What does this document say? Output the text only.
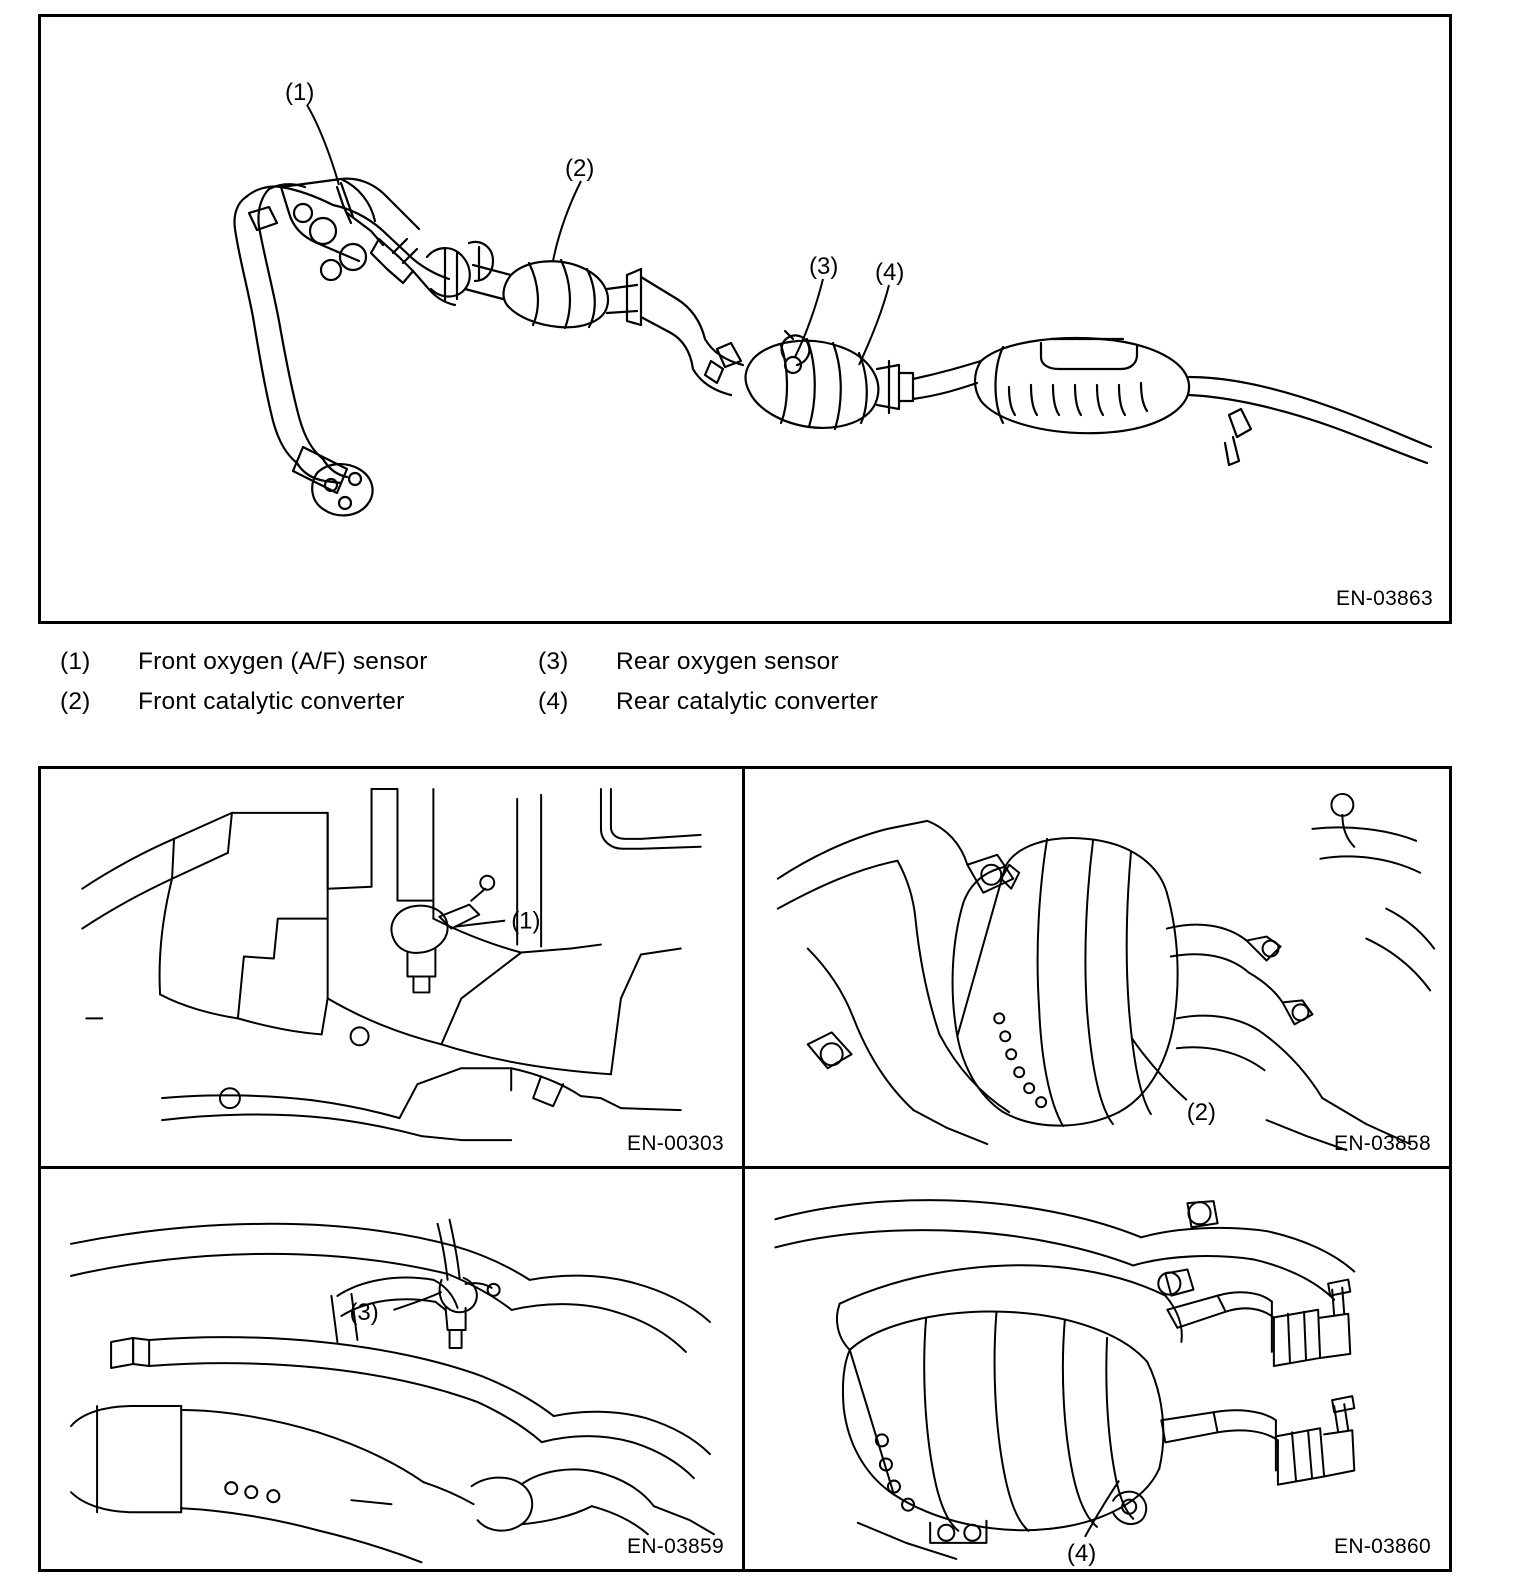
(1)
(2)
(3) (4)
EN-03863
(1)	Front oxygen (A/F) sensor	(3)	Rear oxygen sensor
(2)	Front catalytic converter	(4)	Rear catalytic converter
(1)
EN-00303
(2)
EN-03858
(3)
EN-03859	(4)	EN-03860
